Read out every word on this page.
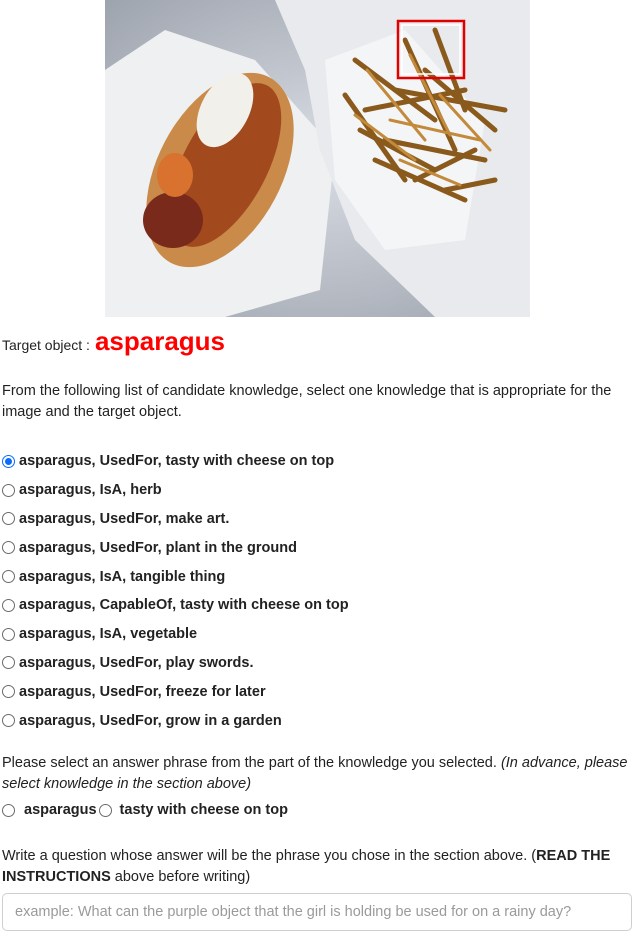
Target object : asparagus
From the following list of candidate knowledge, select one knowledge that is appropriate for the image and the target object.
asparagus, UsedFor, tasty with cheese on top
asparagus, IsA, herb
asparagus, UsedFor, make art.
asparagus, UsedFor, plant in the ground
asparagus, IsA, tangible thing
asparagus, CapableOf, tasty with cheese on top
asparagus, IsA, vegetable
asparagus, UsedFor, play swords.
asparagus, UsedFor, freeze for later
asparagus, UsedFor, grow in a garden
Please select an answer phrase from the part of the knowledge you selected. (In advance, please select knowledge in the section above)
asparagus tasty with cheese on top
Write a question whose answer will be the phrase you chose in the section above. (READ THE INSTRUCTIONS above before writing)
example: What can the purple object that the girl is holding be used for on a rainy day?
